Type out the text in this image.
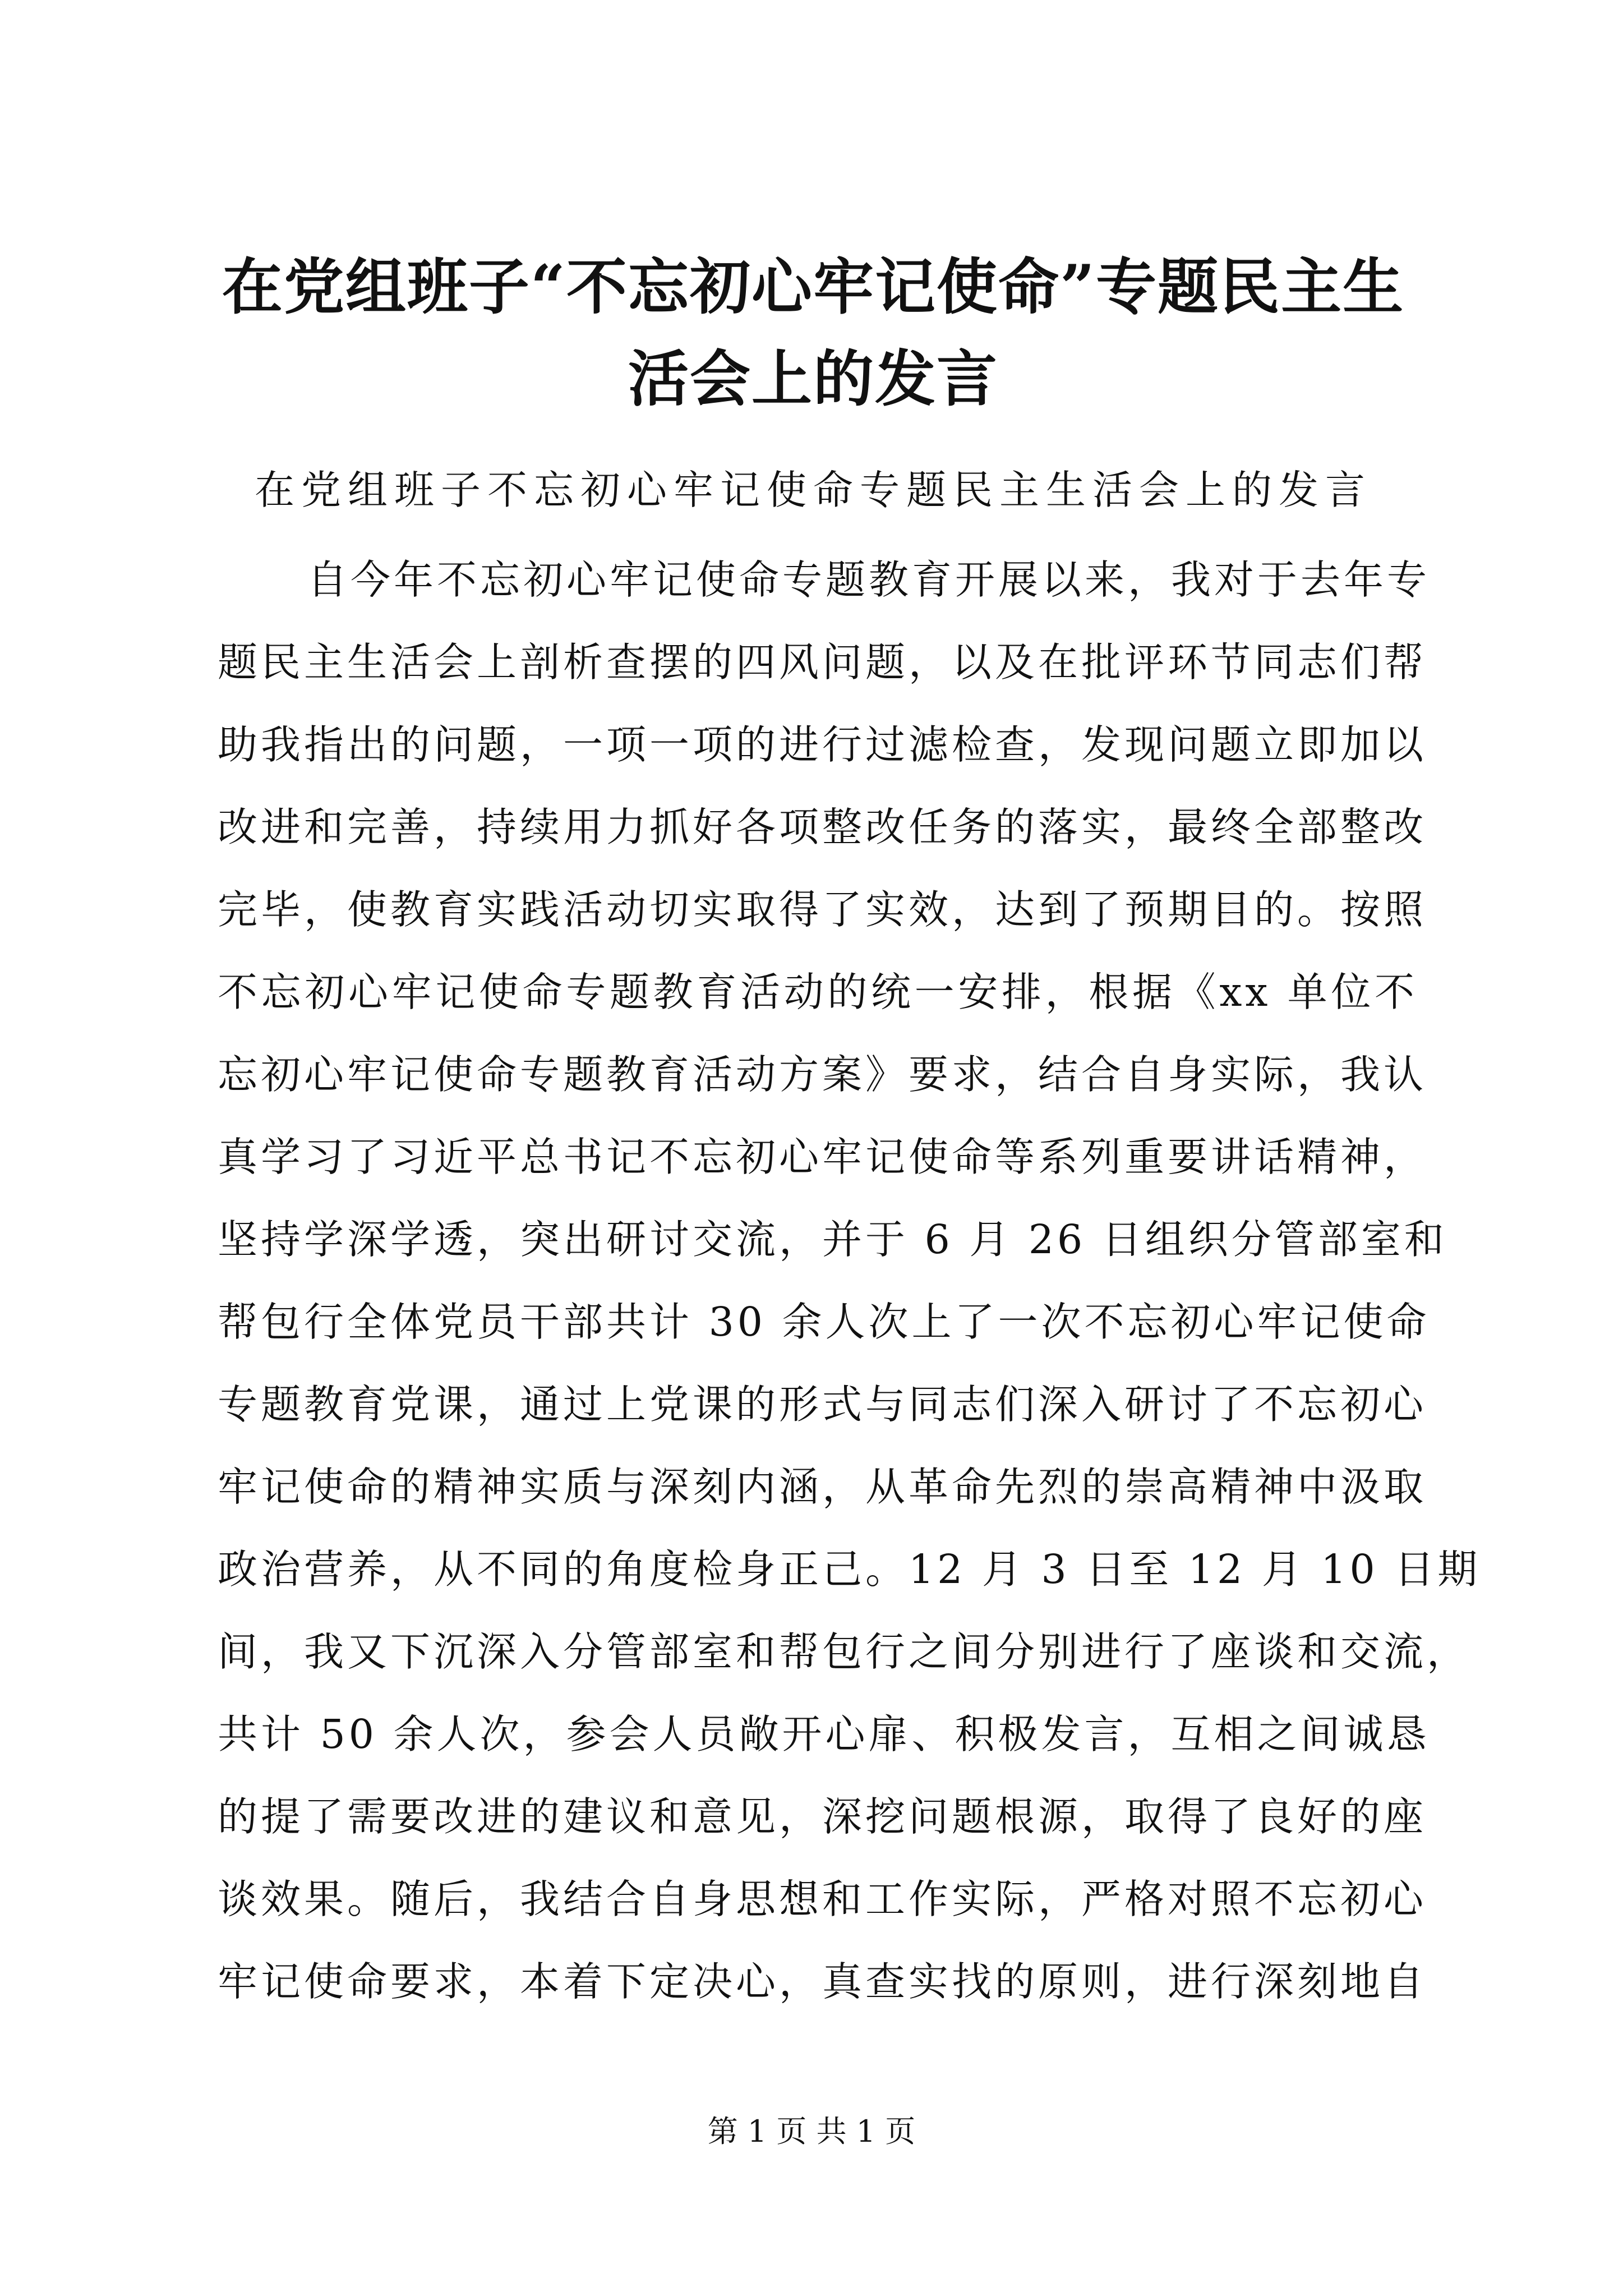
在党组班子“不忘初心牢记使命”专题民主生
活会上的发言
在党组班子不忘初心牢记使命专题民主生活会上的发言
自今年不忘初心牢记使命专题教育开展以来，我对于去年专
题民主生活会上剖析查摆的四风问题，以及在批评环节同志们帮
助我指出的问题，一项一项的进行过滤检查，发现问题立即加以
改进和完善，持续用力抓好各项整改任务的落实，最终全部整改
完毕，使教育实践活动切实取得了实效，达到了预期目的。按照
不忘初心牢记使命专题教育活动的统一安排，根据《xx 单位不
忘初心牢记使命专题教育活动方案》要求，结合自身实际，我认
真学习了习近平总书记不忘初心牢记使命等系列重要讲话精神，
坚持学深学透，突出研讨交流，并于 6 月 26 日组织分管部室和
帮包行全体党员干部共计 30 余人次上了一次不忘初心牢记使命
专题教育党课，通过上党课的形式与同志们深入研讨了不忘初心
牢记使命的精神实质与深刻内涵，从革命先烈的崇高精神中汲取
政治营养，从不同的角度检身正己。12 月 3 日至 12 月 10 日期
间，我又下沉深入分管部室和帮包行之间分别进行了座谈和交流，
共计 50 余人次，参会人员敞开心扉、积极发言，互相之间诚恳
的提了需要改进的建议和意见，深挖问题根源，取得了良好的座
谈效果。随后，我结合自身思想和工作实际，严格对照不忘初心
牢记使命要求，本着下定决心，真查实找的原则，进行深刻地自
第 1 页 共 1 页
